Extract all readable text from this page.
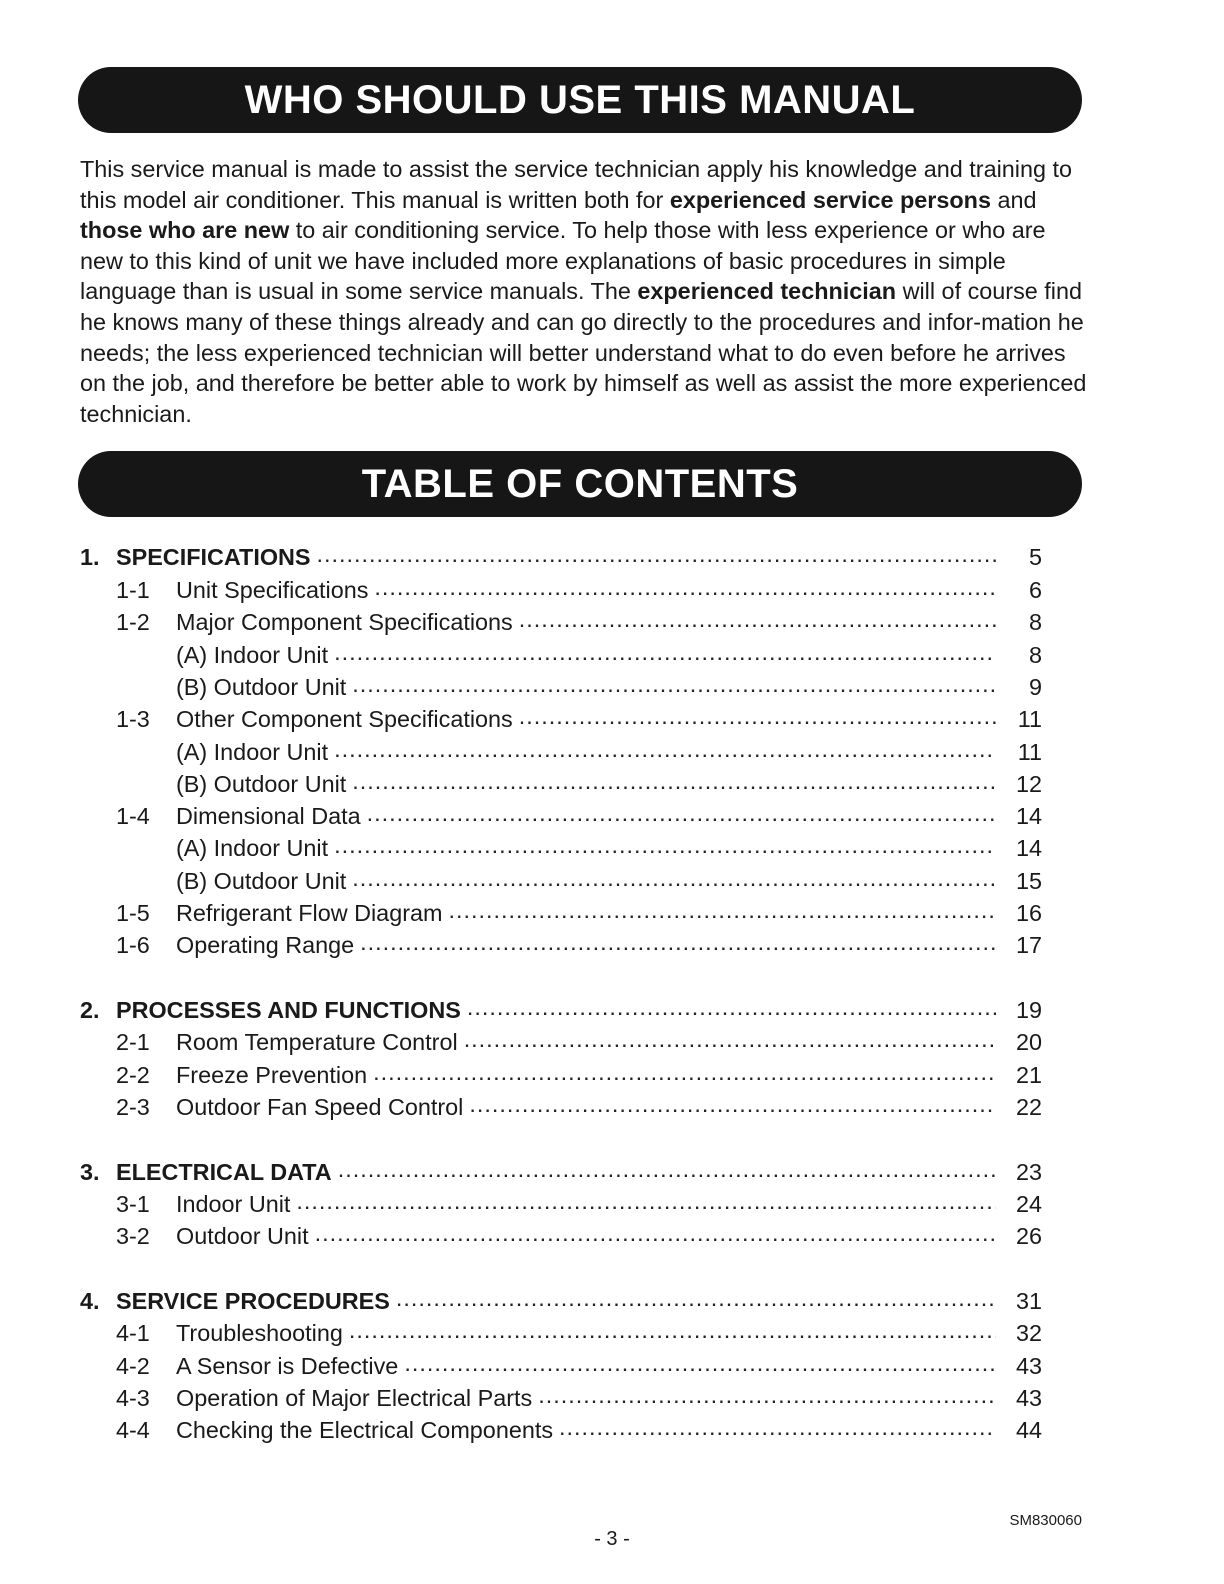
WHO SHOULD USE THIS MANUAL

This service manual is made to assist the service technician apply his knowledge and training to this model air conditioner. This manual is written both for experienced service persons and those who are new to air conditioning service. To help those with less experience or who are new to this kind of unit we have included more explanations of basic procedures in simple language than is usual in some service manuals. The experienced technician will of course find he knows many of these things already and can go directly to the procedures and infor-mation he needs; the less experienced technician will better understand what to do even before he arrives on the job, and therefore be better able to work by himself as well as assist the more experienced technician.

TABLE OF CONTENTS
1. SPECIFICATIONS .....	5
1-1	Unit Specifications .....	6
1-2	Major Component Specifications .....	8
(A) Indoor Unit .....	8
(B) Outdoor Unit .....	9
1-3	Other Component Specifications .....	11
(A) Indoor Unit .....	11
(B) Outdoor Unit .....	12
1-4	Dimensional Data .....	14
(A) Indoor Unit .....	14
(B) Outdoor Unit .....	15
1-5	Refrigerant Flow Diagram .....	16
1-6	Operating Range .....	17
2. PROCESSES AND FUNCTIONS .....	19
2-1	Room Temperature Control .....	20
2-2	Freeze Prevention .....	21
2-3	Outdoor Fan Speed Control .....	22
3. ELECTRICAL DATA .....	23
3-1	Indoor Unit .....	24
3-2	Outdoor Unit .....	26
4. SERVICE PROCEDURES .....	31
4-1	Troubleshooting .....	32
4-2	A Sensor is Defective .....	43
4-3	Operation of Major Electrical Parts .....	43
4-4	Checking the Electrical Components .....	44
SM830060
- 3 -
